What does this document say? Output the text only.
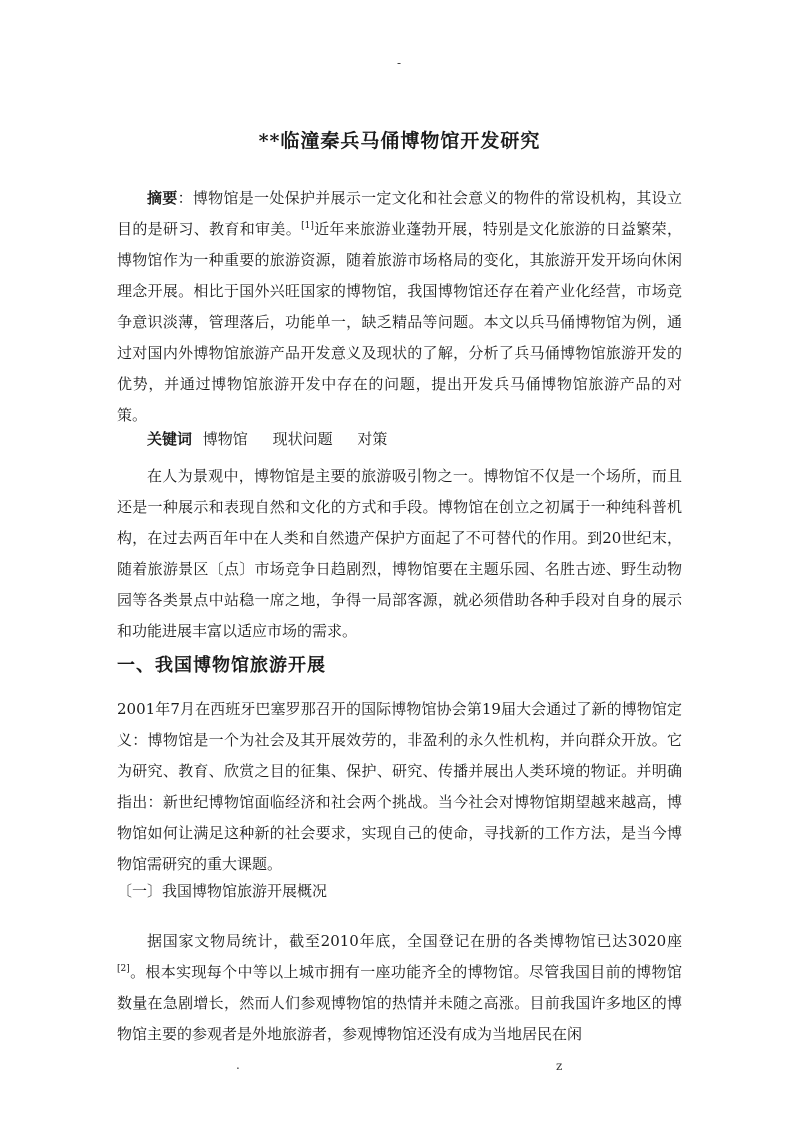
-
**临潼秦兵马俑博物馆开发研究

摘要：博物馆是一处保护并展示一定文化和社会意义的物件的常设机构，其设立目的是研习、教育和审美。[1]近年来旅游业蓬勃开展，特别是文化旅游的日益繁荣，博物馆作为一种重要的旅游资源，随着旅游市场格局的变化，其旅游开发开场向休闲理念开展。相比于国外兴旺国家的博物馆，我国博物馆还存在着产业化经营，市场竞争意识淡薄，管理落后，功能单一，缺乏精品等问题。本文以兵马俑博物馆为例，通过对国内外博物馆旅游产品开发意义及现状的了解，分析了兵马俑博物馆旅游开发的优势，并通过博物馆旅游开发中存在的问题，提出开发兵马俑博物馆旅游产品的对策。

关键词 博物馆 现状问题 对策

在人为景观中，博物馆是主要的旅游吸引物之一。博物馆不仅是一个场所，而且还是一种展示和表现自然和文化的方式和手段。博物馆在创立之初属于一种纯科普机构，在过去两百年中在人类和自然遗产保护方面起了不可替代的作用。到20世纪末，随着旅游景区〔点〕市场竞争日趋剧烈，博物馆要在主题乐园、名胜古迹、野生动物园等各类景点中站稳一席之地，争得一局部客源，就必须借助各种手段对自身的展示和功能进展丰富以适应市场的需求。

一、我国博物馆旅游开展

2001年7月在西班牙巴塞罗那召开的国际博物馆协会第19届大会通过了新的博物馆定义：博物馆是一个为社会及其开展效劳的，非盈利的永久性机构，并向群众开放。它为研究、教育、欣赏之目的征集、保护、研究、传播并展出人类环境的物证。并明确指出：新世纪博物馆面临经济和社会两个挑战。当今社会对博物馆期望越来越高，博物馆如何让满足这种新的社会要求，实现自己的使命，寻找新的工作方法，是当今博物馆需研究的重大课题。

〔一〕我国博物馆旅游开展概况

据国家文物局统计，截至2010年底，全国登记在册的各类博物馆已达3020座[2]。根本实现每个中等以上城市拥有一座功能齐全的博物馆。尽管我国目前的博物馆数量在急剧增长，然而人们参观博物馆的热情并未随之高涨。目前我国许多地区的博物馆主要的参观者是外地旅游者，参观博物馆还没有成为当地居民在闲

.	z
